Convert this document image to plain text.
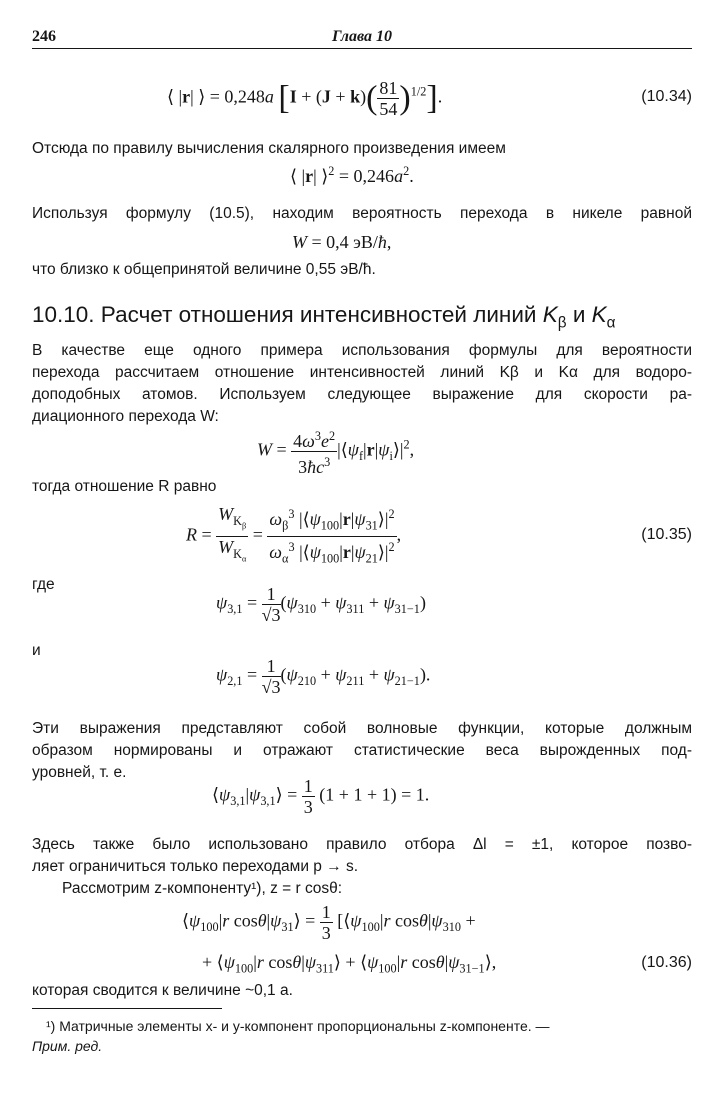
246	Глава 10
⟨ |r| ⟩ = 0,248a $[I + (J + k)( \frac{81}{54} )^{1/2}]$.	(10.34)
Отсюда по правилу вычисления скалярного произведения имеем
⟨ |r| ⟩$^2$ = $0,246a^2$.
Используя формулу (10.5), находим вероятность перехода в никеле равной
W = 0,4 эВ/ħ,
что близко к общепринятой величине 0,55 эВ/ħ.
10.10. Расчет отношения интенсивностей линий $K_\beta$ и $K_\alpha$
В качестве еще одного примера использования формулы для вероятности
перехода рассчитаем отношение интенсивностей линий Kβ и Kα для водоро-
доподобных атомов. Используем следующее выражение для скорости ра-
диационного перехода W:
$W = \frac{4\omega^3e^2}{3ħc^3}$ $|⟨\psi_f|r|\psi_i⟩|^2$,
тогда отношение R равно
$R = \frac{W_{K_\beta}}{W_{K_\alpha}} = \frac{\omega_\beta^3 |⟨\psi_{100}|r|\psi_{31}⟩|^2}{\omega_\alpha^3 |⟨\psi_{100}|r|\psi_{21}⟩|^2}$ ,	(10.35)
где
$\psi_{3,1} = \frac{1}{√3} (\psi_{310} + \psi_{311} + \psi_{31-1})$
и
$\psi_{2,1} = \frac{1}{√3} (\psi_{210} + \psi_{211} + \psi_{21-1})$.
Эти выражения представляют собой волновые функции, которые должным
образом нормированы и отражают статистические веса вырожденных под-
уровней, т. е.
$⟨\psi_{3,1}|\psi_{3,1}⟩ = \frac{1}{3} (1 + 1 + 1) = 1$.
Здесь также было использовано правило отбора Δl = ±1, которое позво-
ляет ограничиться только переходами p → s.
Рассмотрим z-компоненту¹), z = r cosθ:
$⟨\psi_{100}|r$ $\cos\theta|\psi_{31}⟩ = \frac{1}{3}$ [$⟨\psi_{100}|r$ $\cos\theta|\psi_{310}$ +
+ $⟨\psi_{100}|r$ $\cos\theta|\psi_{311}⟩$ + $⟨\psi_{100}|r$ $\cos\theta|\psi_{31-1}⟩$,	(10.36)
которая сводится к величине ~0,1 a.
¹) Матричные элементы x- и y-компонент пропорциональны z-компоненте. —
Прим. ред.
